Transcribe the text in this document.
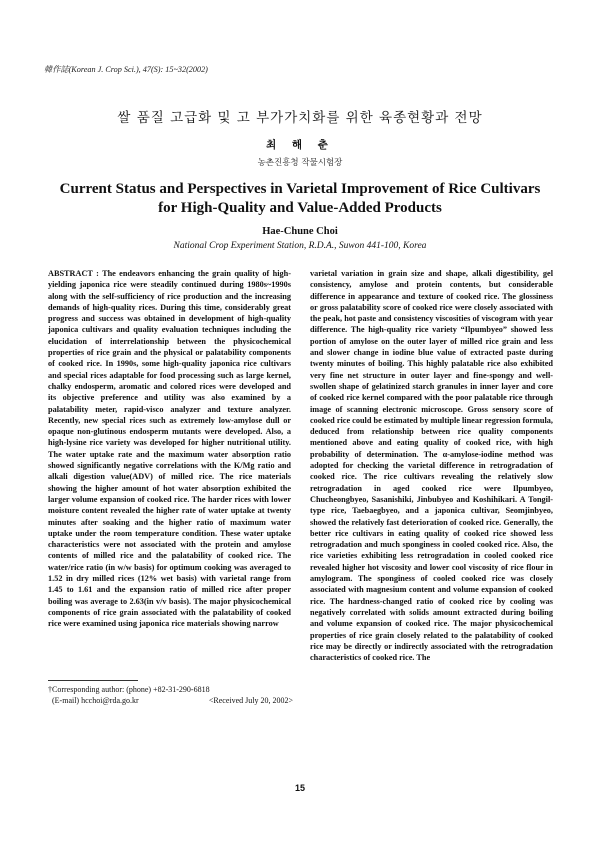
韓作誌(Korean J. Crop Sci.), 47(S): 15~32(2002)
쌀 품질 고급화 및 고 부가가치화를 위한 육종현황과 전망
최 해 춘
농촌진흥청 작물시험장
Current Status and Perspectives in Varietal Improvement of Rice Cultivars
for High-Quality and Value-Added Products
Hae-Chune Choi
National Crop Experiment Station, R.D.A., Suwon 441-100, Korea
ABSTRACT : The endeavors enhancing the grain quality of high-yielding japonica rice were steadily continued during 1980s~1990s along with the self-sufficiency of rice production and the increasing demands of high-quality rices. During this time, considerably great progress and success was obtained in development of high-quality japonica cultivars and quality evaluation techniques including the elucidation of interrelationship between the physicochemical properties of rice grain and the physical or palatability components of cooked rice. In 1990s, some high-quality japonica rice cultivars and special rices adaptable for food processing such as large kernel, chalky endosperm, aromatic and colored rices were developed and its objective preference and utility was also examined by a palatability meter, rapid-visco analyzer and texture analyzer. Recently, new special rices such as extremely low-amylose dull or opaque non-glutinous endosperm mutants were developed. Also, a high-lysine rice variety was developed for higher nutritional utility. The water uptake rate and the maximum water absorption ratio showed significantly negative correlations with the K/Mg ratio and alkali digestion value(ADV) of milled rice. The rice materials showing the higher amount of hot water absorption exhibited the larger volume expansion of cooked rice. The harder rices with lower moisture content revealed the higher rate of water uptake at twenty minutes after soaking and the higher ratio of maximum water uptake under the room temperature condition. These water uptake characteristics were not associated with the protein and amylose contents of milled rice and the palatability of cooked rice. The water/rice ratio (in w/w basis) for optimum cooking was averaged to 1.52 in dry milled rices (12% wet basis) with varietal range from 1.45 to 1.61 and the expansion ratio of milled rice after proper boiling was average to 2.63(in v/v basis). The major physicochemical components of rice grain associated with the palatability of cooked rice were examined using japonica rice materials showing narrow
varietal variation in grain size and shape, alkali digestibility, gel consistency, amylose and protein contents, but considerable difference in appearance and texture of cooked rice. The glossiness or gross palatability score of cooked rice were closely associated with the peak, hot paste and consistency viscosities of viscogram with year difference. The high-quality rice variety “Ilpumbyeo” showed less portion of amylose on the outer layer of milled rice grain and less and slower change in iodine blue value of extracted paste during twenty minutes of boiling. This highly palatable rice also exhibited very fine net structure in outer layer and fine-spongy and well-swollen shape of gelatinized starch granules in inner layer and core of cooked rice kernel compared with the poor palatable rice through image of scanning electronic microscope. Gross sensory score of cooked rice could be estimated by multiple linear regression formula, deduced from relationship between rice quality components mentioned above and eating quality of cooked rice, with high probability of determination. The α-amylose-iodine method was adopted for checking the varietal difference in retrogradation of cooked rice. The rice cultivars revealing the relatively slow retrogradation in aged cooked rice were Ilpumbyeo, Chucheongbyeo, Sasanishiki, Jinbubyeo and Koshihikari. A Tongil-type rice, Taebaegbyeo, and a japonica cultivar, Seomjinbyeo, showed the relatively fast deterioration of cooked rice. Generally, the better rice cultivars in eating quality of cooked rice showed less retrogradation and much sponginess in cooled cooked rice. Also, the rice varieties exhibiting less retrogradation in cooled cooked rice revealed higher hot viscosity and lower cool viscosity of rice flour in amylogram. The sponginess of cooled cooked rice was closely associated with magnesium content and volume expansion of cooked rice. The hardness-changed ratio of cooked rice by cooling was negatively correlated with solids amount extracted during boiling and volume expansion of cooked rice. The major physicochemical properties of rice grain closely related to the palatability of cooked rice may be directly or indirectly associated with the retrogradation characteristics of cooked rice. The
†Corresponding author: (phone) +82-31-290-6818
(E-mail) hcchoi@rda.go.kr	<Received July 20, 2002>
15
